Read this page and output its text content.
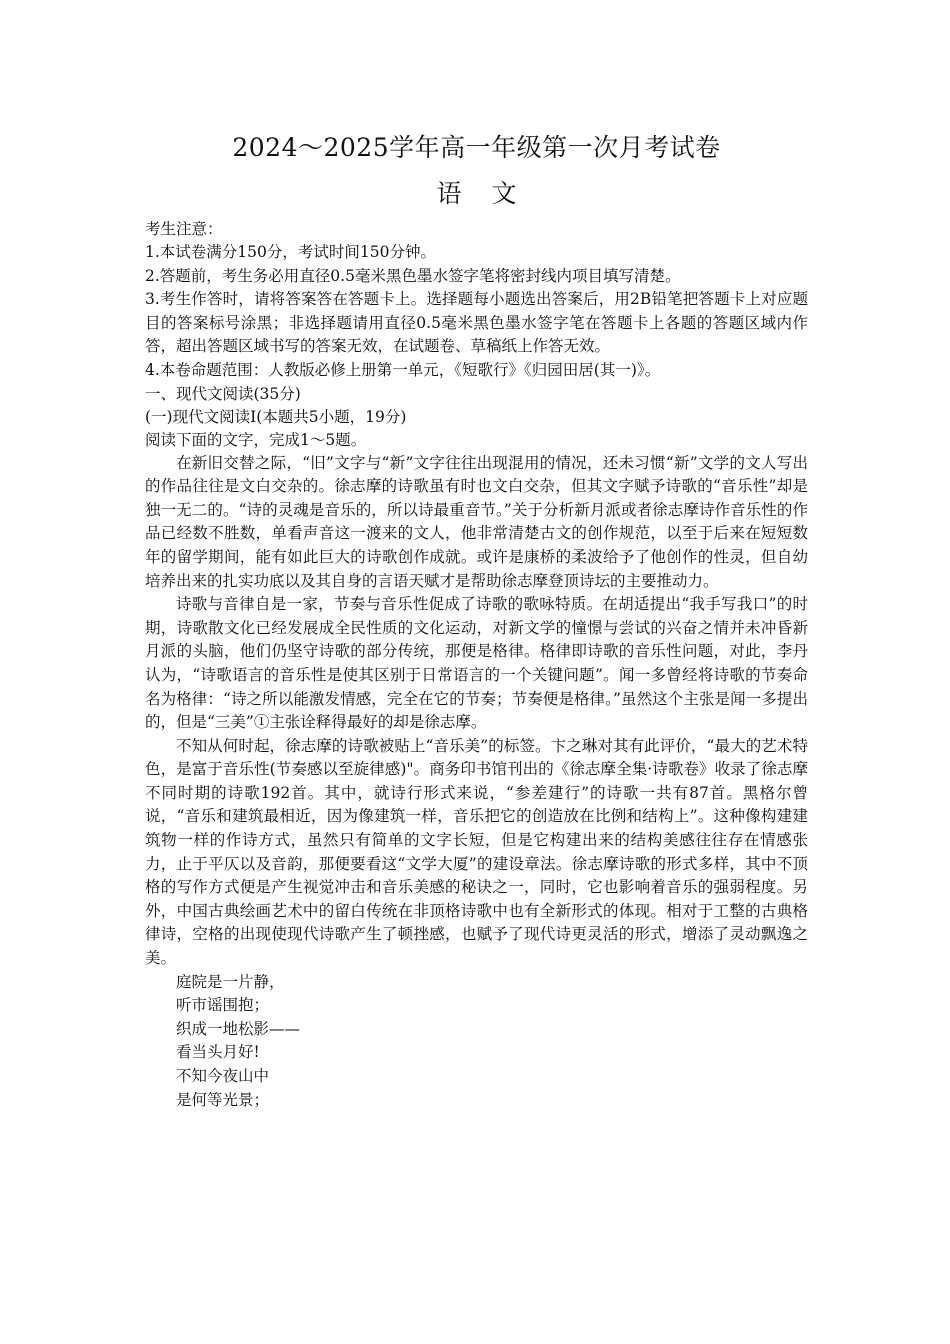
2024～2025学年高一年级第一次月考试卷
语文

考生注意：

1.本试卷满分150分，考试时间150分钟。

2.答题前，考生务必用直径0.5毫米黑色墨水签字笔将密封线内项目填写清楚。

3.考生作答时，请将答案答在答题卡上。选择题每小题选出答案后，用2B铅笔把答题卡上对应题目的答案标号涂黑；非选择题请用直径0.5毫米黑色墨水签字笔在答题卡上各题的答题区域内作答，超出答题区域书写的答案无效，在试题卷、草稿纸上作答无效。

4.本卷命题范围：人教版必修上册第一单元，《短歌行》《归园田居(其一)》。

一、现代文阅读(35分)

(一)现代文阅读Ⅰ(本题共5小题，19分)

阅读下面的文字，完成1～5题。

在新旧交替之际，“旧”文字与“新”文字往往出现混用的情况，还未习惯“新”文学的文人写出的作品往往是文白交杂的。徐志摩的诗歌虽有时也文白交杂，但其文字赋予诗歌的“音乐性”却是独一无二的。“诗的灵魂是音乐的，所以诗最重音节。”关于分析新月派或者徐志摩诗作音乐性的作品已经数不胜数，单看声音这一渡来的文人，他非常清楚古文的创作规范，以至于后来在短短数年的留学期间，能有如此巨大的诗歌创作成就。或许是康桥的柔波给予了他创作的性灵，但自幼培养出来的扎实功底以及其自身的言语天赋才是帮助徐志摩登顶诗坛的主要推动力。

诗歌与音律自是一家，节奏与音乐性促成了诗歌的歌咏特质。在胡适提出“我手写我口”的时期，诗歌散文化已经发展成全民性质的文化运动，对新文学的憧憬与尝试的兴奋之情并未冲昏新月派的头脑，他们仍坚守诗歌的部分传统，那便是格律。格律即诗歌的音乐性问题，对此，李丹认为，“诗歌语言的音乐性是使其区别于日常语言的一个关键问题”。闻一多曾经将诗歌的节奏命名为格律：“诗之所以能激发情感，完全在它的节奏；节奏便是格律。”虽然这个主张是闻一多提出的，但是“三美”①主张诠释得最好的却是徐志摩。

不知从何时起，徐志摩的诗歌被贴上“音乐美”的标签。卞之琳对其有此评价，“最大的艺术特色，是富于音乐性(节奏感以至旋律感)"。商务印书馆刊出的《徐志摩全集·诗歌卷》收录了徐志摩不同时期的诗歌192首。其中，就诗行形式来说，“参差建行”的诗歌一共有87首。黑格尔曾说，“音乐和建筑最相近，因为像建筑一样，音乐把它的创造放在比例和结构上”。这种像构建建筑物一样的作诗方式，虽然只有简单的文字长短，但是它构建出来的结构美感往往存在情感张力，止于平仄以及音韵，那便要看这“文学大厦”的建设章法。徐志摩诗歌的形式多样，其中不顶格的写作方式便是产生视觉冲击和音乐美感的秘诀之一，同时，它也影响着音乐的强弱程度。另外，中国古典绘画艺术中的留白传统在非顶格诗歌中也有全新形式的体现。相对于工整的古典格律诗，空格的出现使现代诗歌产生了顿挫感，也赋予了现代诗更灵活的形式，增添了灵动飘逸之美。

庭院是一片静，

听市谣围抱；

织成一地松影——

看当头月好!

不知今夜山中

是何等光景；
